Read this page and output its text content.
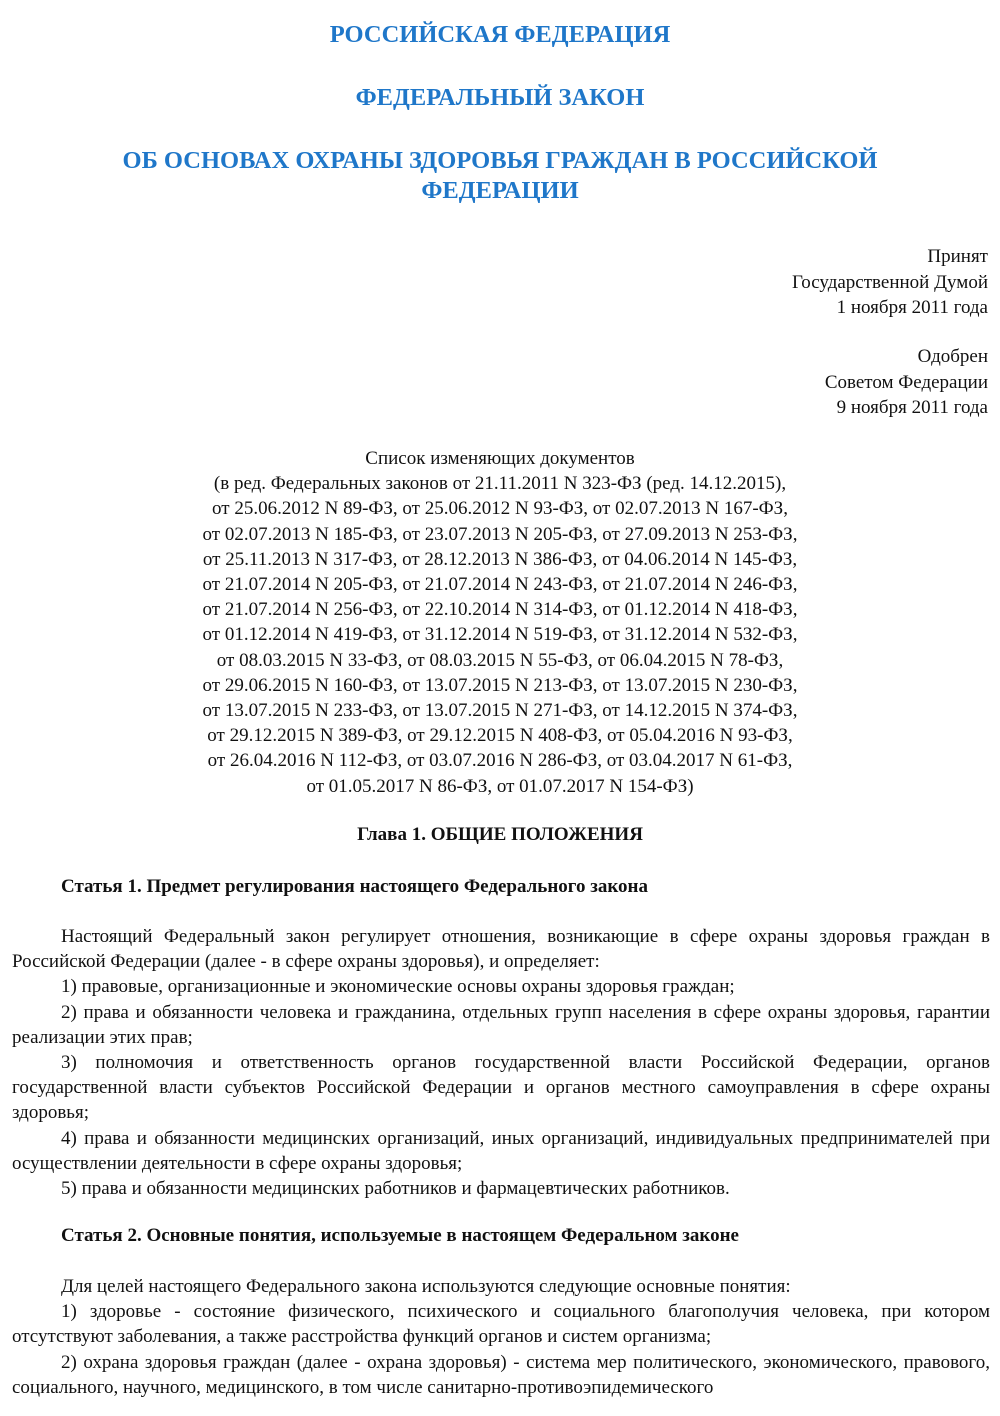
РОССИЙСКАЯ ФЕДЕРАЦИЯ
ФЕДЕРАЛЬНЫЙ ЗАКОН
ОБ ОСНОВАХ ОХРАНЫ ЗДОРОВЬЯ ГРАЖДАН В РОССИЙСКОЙ ФЕДЕРАЦИИ
Принят
Государственной Думой
1 ноября 2011 года
Одобрен
Советом Федерации
9 ноября 2011 года
Список изменяющих документов
(в ред. Федеральных законов от 21.11.2011 N 323-ФЗ (ред. 14.12.2015),
от 25.06.2012 N 89-ФЗ, от 25.06.2012 N 93-ФЗ, от 02.07.2013 N 167-ФЗ,
от 02.07.2013 N 185-ФЗ, от 23.07.2013 N 205-ФЗ, от 27.09.2013 N 253-ФЗ,
от 25.11.2013 N 317-ФЗ, от 28.12.2013 N 386-ФЗ, от 04.06.2014 N 145-ФЗ,
от 21.07.2014 N 205-ФЗ, от 21.07.2014 N 243-ФЗ, от 21.07.2014 N 246-ФЗ,
от 21.07.2014 N 256-ФЗ, от 22.10.2014 N 314-ФЗ, от 01.12.2014 N 418-ФЗ,
от 01.12.2014 N 419-ФЗ, от 31.12.2014 N 519-ФЗ, от 31.12.2014 N 532-ФЗ,
от 08.03.2015 N 33-ФЗ, от 08.03.2015 N 55-ФЗ, от 06.04.2015 N 78-ФЗ,
от 29.06.2015 N 160-ФЗ, от 13.07.2015 N 213-ФЗ, от 13.07.2015 N 230-ФЗ,
от 13.07.2015 N 233-ФЗ, от 13.07.2015 N 271-ФЗ, от 14.12.2015 N 374-ФЗ,
от 29.12.2015 N 389-ФЗ, от 29.12.2015 N 408-ФЗ, от 05.04.2016 N 93-ФЗ,
от 26.04.2016 N 112-ФЗ, от 03.07.2016 N 286-ФЗ, от 03.04.2017 N 61-ФЗ,
от 01.05.2017 N 86-ФЗ, от 01.07.2017 N 154-ФЗ)
Глава 1. ОБЩИЕ ПОЛОЖЕНИЯ
Статья 1. Предмет регулирования настоящего Федерального закона

Настоящий Федеральный закон регулирует отношения, возникающие в сфере охраны здоровья граждан в Российской Федерации (далее - в сфере охраны здоровья), и определяет:

1) правовые, организационные и экономические основы охраны здоровья граждан;

2) права и обязанности человека и гражданина, отдельных групп населения в сфере охраны здоровья, гарантии реализации этих прав;

3) полномочия и ответственность органов государственной власти Российской Федерации, органов государственной власти субъектов Российской Федерации и органов местного самоуправления в сфере охраны здоровья;

4) права и обязанности медицинских организаций, иных организаций, индивидуальных предпринимателей при осуществлении деятельности в сфере охраны здоровья;

5) права и обязанности медицинских работников и фармацевтических работников.

Статья 2. Основные понятия, используемые в настоящем Федеральном законе

Для целей настоящего Федерального закона используются следующие основные понятия:

1) здоровье - состояние физического, психического и социального благополучия человека, при котором отсутствуют заболевания, а также расстройства функций органов и систем организма;

2) охрана здоровья граждан (далее - охрана здоровья) - система мер политического, экономического, правового, социального, научного, медицинского, в том числе санитарно-противоэпидемического
